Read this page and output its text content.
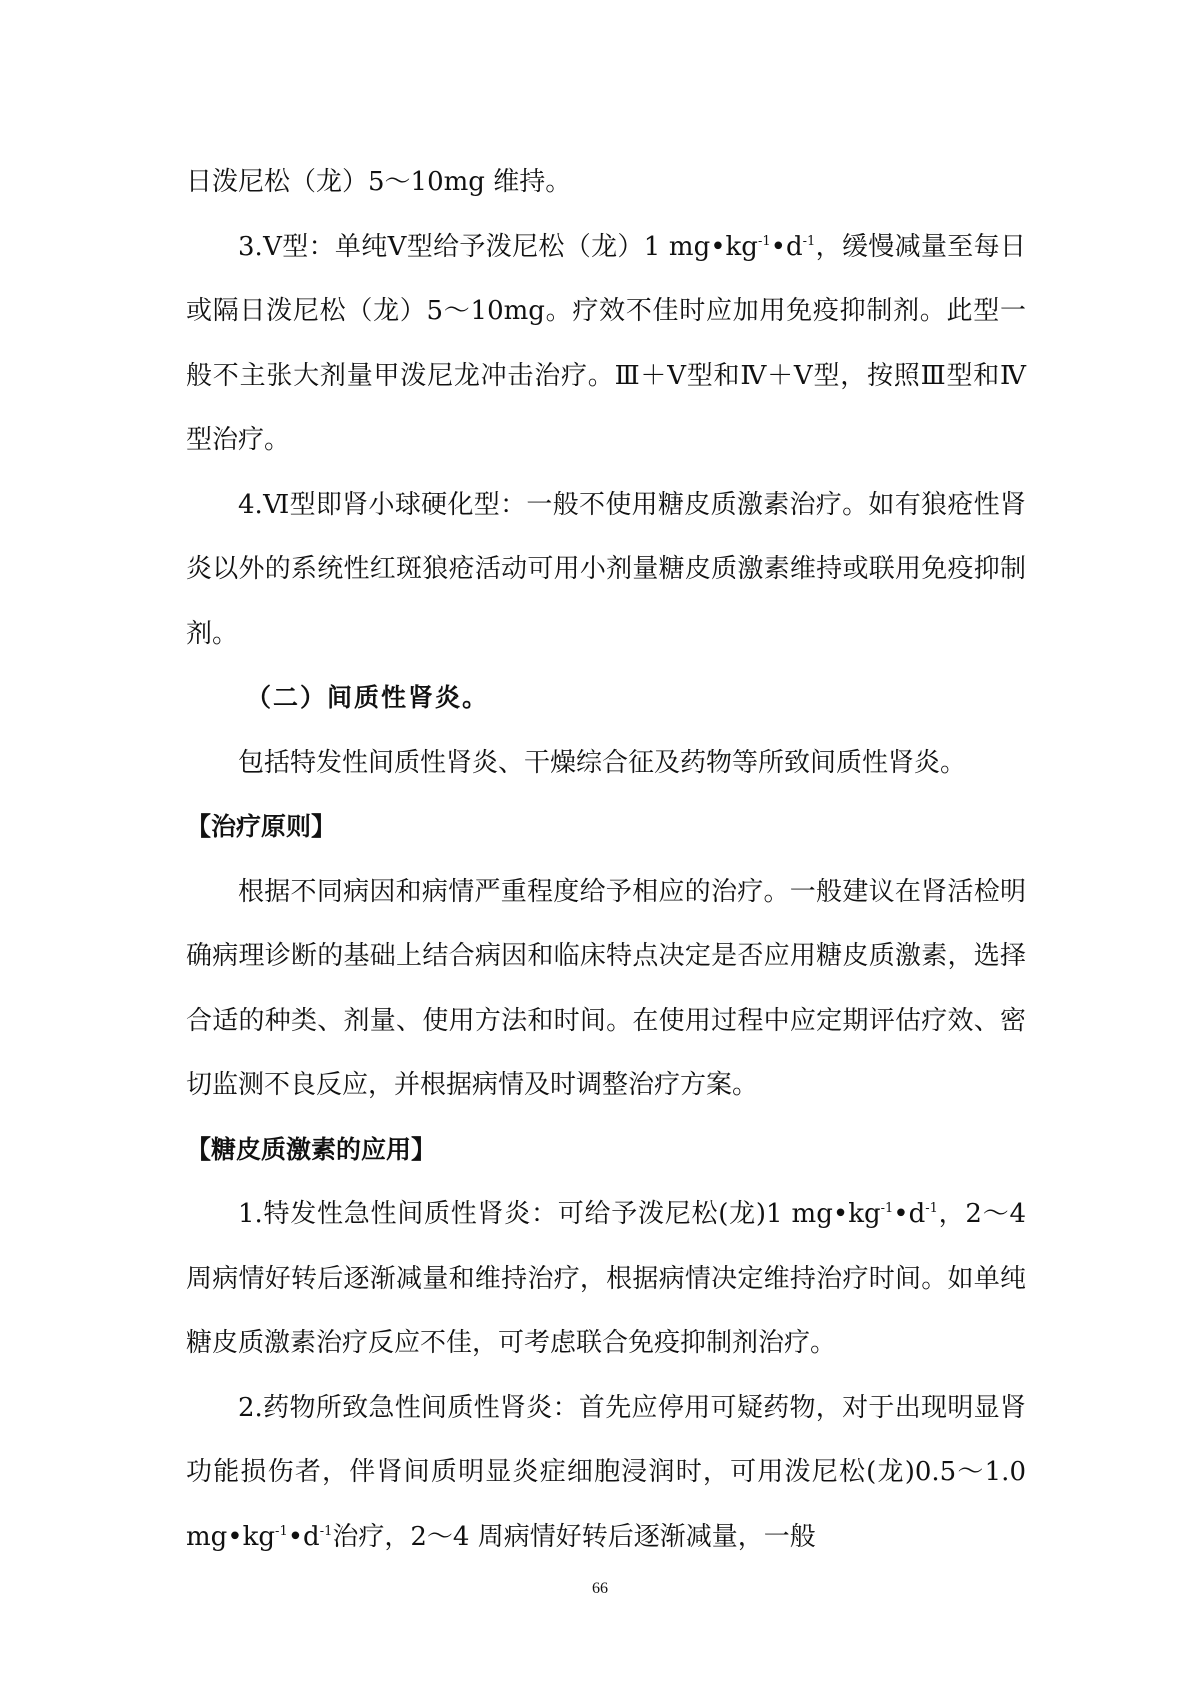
日泼尼松（龙）5～10mg 维持。

3.Ⅴ型：单纯Ⅴ型给予泼尼松（龙）1 $mg•kg^{-1}•d^{-1}$，缓慢减量至每日或隔日泼尼松（龙）5～10mg。疗效不佳时应加用免疫抑制剂。此型一般不主张大剂量甲泼尼龙冲击治疗。Ⅲ＋Ⅴ型和Ⅳ＋Ⅴ型，按照Ⅲ型和Ⅳ型治疗。

4.Ⅵ型即肾小球硬化型：一般不使用糖皮质激素治疗。如有狼疮性肾炎以外的系统性红斑狼疮活动可用小剂量糖皮质激素维持或联用免疫抑制剂。

（二）间质性肾炎。

包括特发性间质性肾炎、干燥综合征及药物等所致间质性肾炎。

【治疗原则】

根据不同病因和病情严重程度给予相应的治疗。一般建议在肾活检明确病理诊断的基础上结合病因和临床特点决定是否应用糖皮质激素，选择合适的种类、剂量、使用方法和时间。在使用过程中应定期评估疗效、密切监测不良反应，并根据病情及时调整治疗方案。

【糖皮质激素的应用】

1.特发性急性间质性肾炎：可给予泼尼松(龙)1 $mg•kg^{-1}•d^{-1}$，2～4 周病情好转后逐渐减量和维持治疗，根据病情决定维持治疗时间。如单纯糖皮质激素治疗反应不佳，可考虑联合免疫抑制剂治疗。

2.药物所致急性间质性肾炎：首先应停用可疑药物，对于出现明显肾功能损伤者，伴肾间质明显炎症细胞浸润时，可用泼尼松(龙)0.5～1.0 $mg•kg^{-1}•d^{-1}$治疗，2～4 周病情好转后逐渐减量，一般

66
